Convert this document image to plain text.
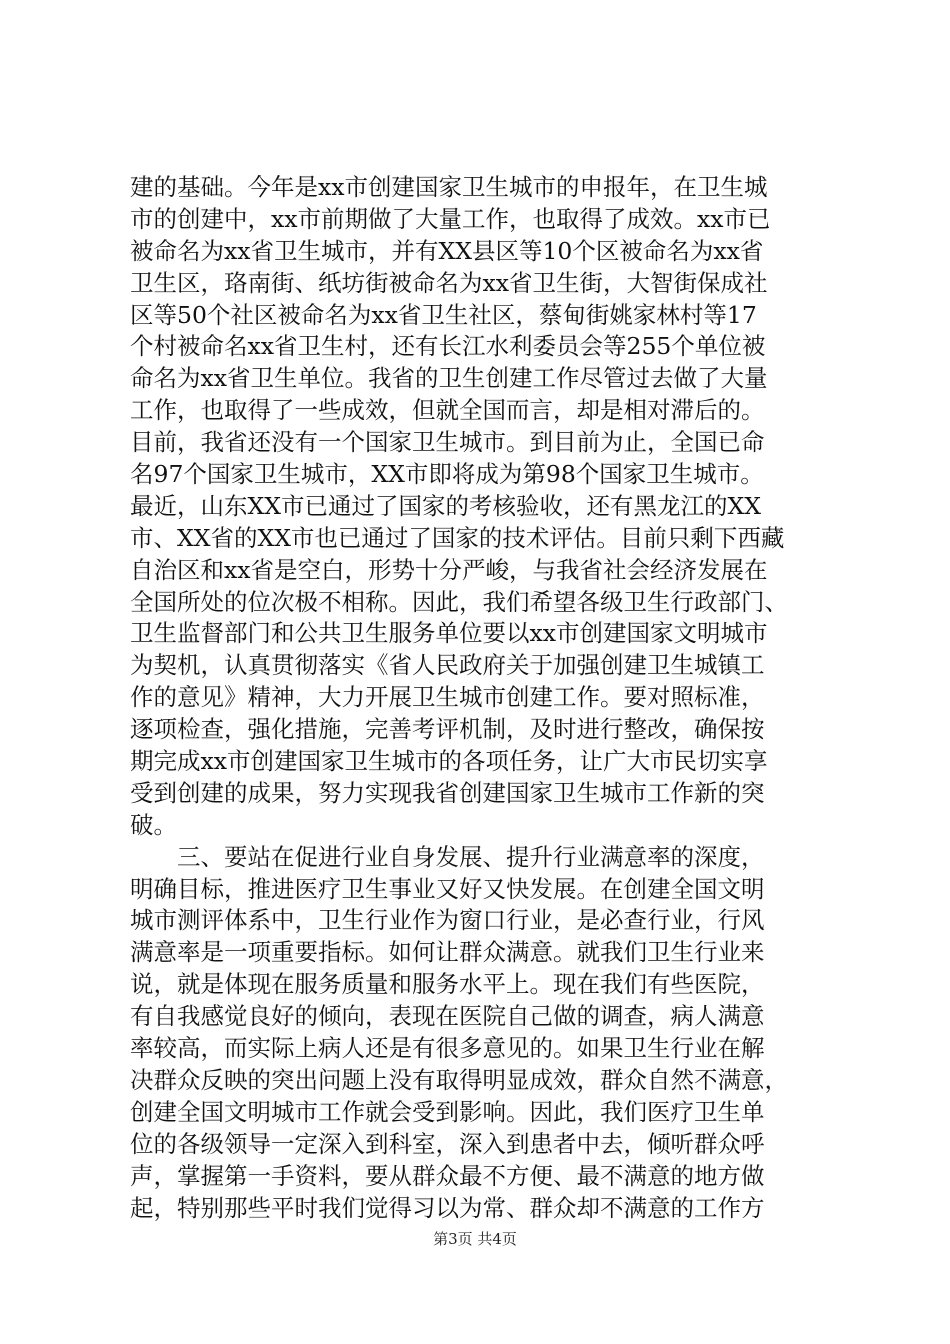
建的基础。今年是xx市创建国家卫生城市的申报年，在卫生城
市的创建中，xx市前期做了大量工作，也取得了成效。xx市已
被命名为xx省卫生城市，并有XX县区等10个区被命名为xx省
卫生区，珞南街、纸坊街被命名为xx省卫生街，大智街保成社
区等50个社区被命名为xx省卫生社区，蔡甸街姚家林村等17
个村被命名xx省卫生村，还有长江水利委员会等255个单位被
命名为xx省卫生单位。我省的卫生创建工作尽管过去做了大量
工作，也取得了一些成效，但就全国而言，却是相对滞后的。
目前，我省还没有一个国家卫生城市。到目前为止，全国已命
名97个国家卫生城市，XX市即将成为第98个国家卫生城市。
最近，山东XX市已通过了国家的考核验收，还有黑龙江的XX
市、XX省的XX市也已通过了国家的技术评估。目前只剩下西藏
自治区和xx省是空白，形势十分严峻，与我省社会经济发展在
全国所处的位次极不相称。因此，我们希望各级卫生行政部门、
卫生监督部门和公共卫生服务单位要以xx市创建国家文明城市
为契机，认真贯彻落实《省人民政府关于加强创建卫生城镇工
作的意见》精神，大力开展卫生城市创建工作。要对照标准，
逐项检查，强化措施，完善考评机制，及时进行整改，确保按
期完成xx市创建国家卫生城市的各项任务，让广大市民切实享
受到创建的成果，努力实现我省创建国家卫生城市工作新的突
破。
　　三、要站在促进行业自身发展、提升行业满意率的深度，
明确目标，推进医疗卫生事业又好又快发展。在创建全国文明
城市测评体系中，卫生行业作为窗口行业，是必查行业，行风
满意率是一项重要指标。如何让群众满意。就我们卫生行业来
说，就是体现在服务质量和服务水平上。现在我们有些医院，
有自我感觉良好的倾向，表现在医院自己做的调查，病人满意
率较高，而实际上病人还是有很多意见的。如果卫生行业在解
决群众反映的突出问题上没有取得明显成效，群众自然不满意，
创建全国文明城市工作就会受到影响。因此，我们医疗卫生单
位的各级领导一定深入到科室，深入到患者中去，倾听群众呼
声，掌握第一手资料，要从群众最不方便、最不满意的地方做
起，特别那些平时我们觉得习以为常、群众却不满意的工作方
第3页 共4页
